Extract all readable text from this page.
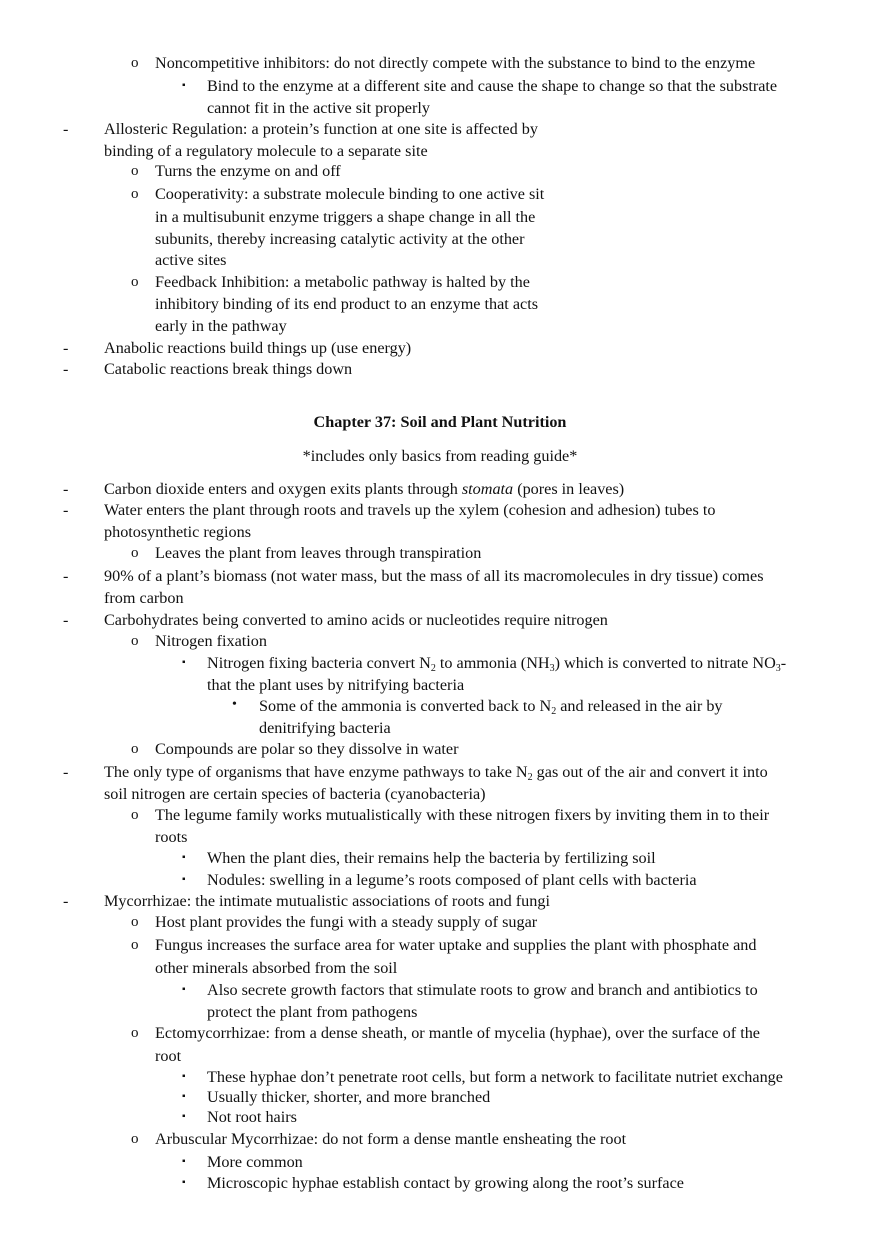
o Noncompetitive inhibitors: do not directly compete with the substance to bind to the enzyme
▪ Bind to the enzyme at a different site and cause the shape to change so that the substrate
cannot fit in the active sit properly
- Allosteric Regulation: a protein’s function at one site is affected by
binding of a regulatory molecule to a separate site
o Turns the enzyme on and off
o Cooperativity: a substrate molecule binding to one active sit
in a multisubunit enzyme triggers a shape change in all the
subunits, thereby increasing catalytic activity at the other
active sites
o Feedback Inhibition: a metabolic pathway is halted by the
inhibitory binding of its end product to an enzyme that acts
early in the pathway
- Anabolic reactions build things up (use energy)
- Catabolic reactions break things down
Chapter 37: Soil and Plant Nutrition
*includes only basics from reading guide*
- Carbon dioxide enters and oxygen exits plants through stomata (pores in leaves)
- Water enters the plant through roots and travels up the xylem (cohesion and adhesion) tubes to
photosynthetic regions
o Leaves the plant from leaves through transpiration
- 90% of a plant’s biomass (not water mass, but the mass of all its macromolecules in dry tissue) comes
from carbon
- Carbohydrates being converted to amino acids or nucleotides require nitrogen
o Nitrogen fixation
▪ Nitrogen fixing bacteria convert $N_2$ to ammonia $(NH_3)$ which is converted to nitrate $NO_3-$
that the plant uses by nitrifying bacteria
• Some of the ammonia is converted back to $N_2$ and released in the air by
denitrifying bacteria
o Compounds are polar so they dissolve in water
- The only type of organisms that have enzyme pathways to take $N_2$ gas out of the air and convert it into
soil nitrogen are certain species of bacteria (cyanobacteria)
o The legume family works mutualistically with these nitrogen fixers by inviting them in to their
roots
▪ When the plant dies, their remains help the bacteria by fertilizing soil
▪ Nodules: swelling in a legume’s roots composed of plant cells with bacteria
- Mycorrhizae: the intimate mutualistic associations of roots and fungi
o Host plant provides the fungi with a steady supply of sugar
o Fungus increases the surface area for water uptake and supplies the plant with phosphate and
other minerals absorbed from the soil
▪ Also secrete growth factors that stimulate roots to grow and branch and antibiotics to
protect the plant from pathogens
o Ectomycorrhizae: from a dense sheath, or mantle of mycelia (hyphae), over the surface of the
root
▪ These hyphae don’t penetrate root cells, but form a network to facilitate nutriet exchange
▪ Usually thicker, shorter, and more branched
▪ Not root hairs
o Arbuscular Mycorrhizae: do not form a dense mantle ensheating the root
▪ More common
▪ Microscopic hyphae establish contact by growing along the root’s surface
